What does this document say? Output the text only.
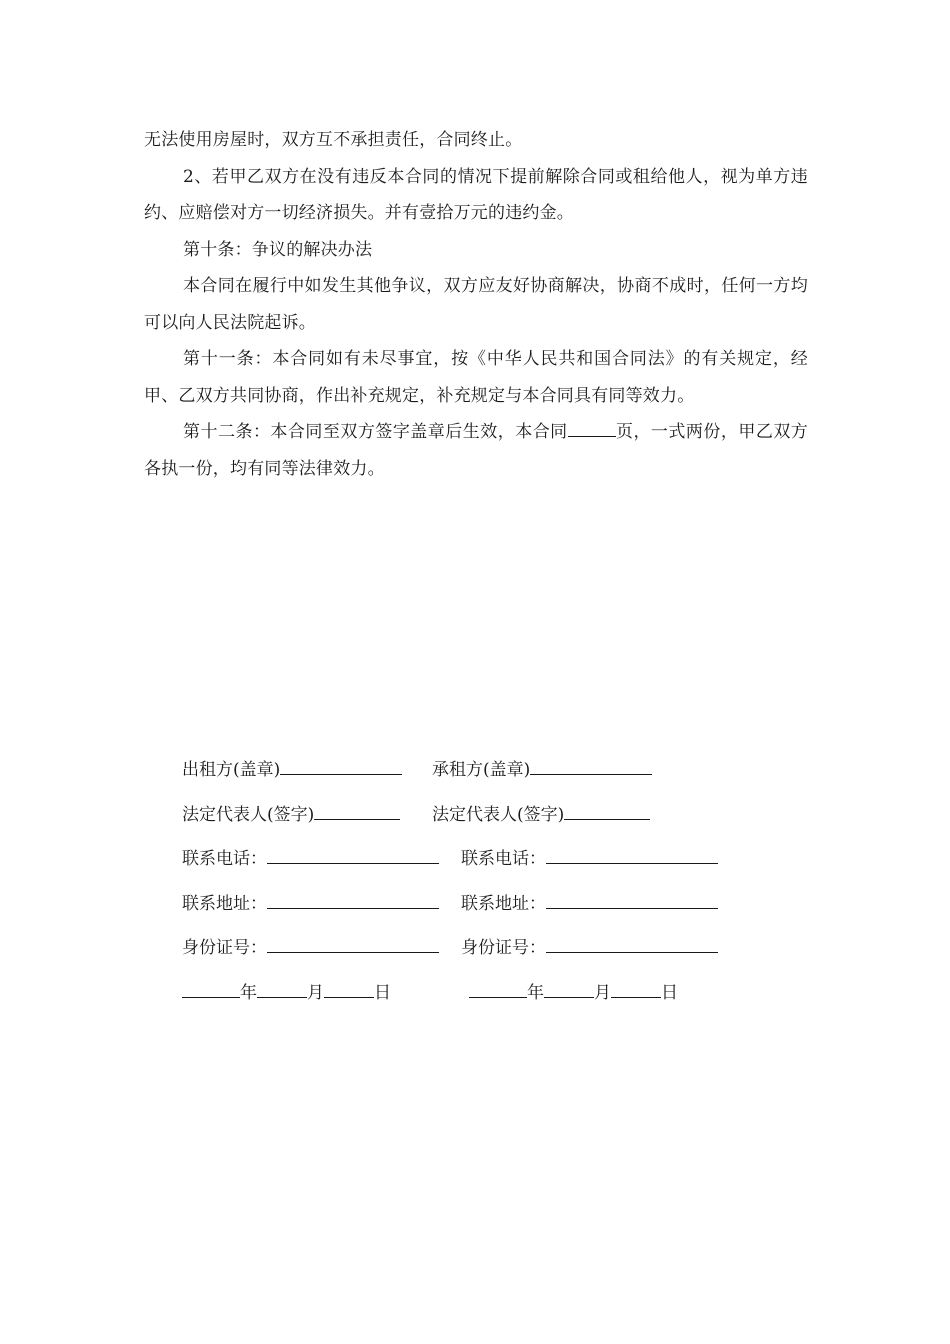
无法使用房屋时，双方互不承担责任，合同终止。

2、若甲乙双方在没有违反本合同的情况下提前解除合同或租给他人，视为单方违约、应赔偿对方一切经济损失。并有壹拾万元的违约金。

第十条：争议的解决办法

本合同在履行中如发生其他争议，双方应友好协商解决，协商不成时，任何一方均可以向人民法院起诉。

第十一条：本合同如有未尽事宜，按《中华人民共和国合同法》的有关规定，经甲、乙双方共同协商，作出补充规定，补充规定与本合同具有同等效力。

第十二条：本合同至双方签字盖章后生效，本合同	页，一式两份，甲乙双方各执一份，均有同等法律效力。

出租方(盖章)	承租方(盖章)
法定代表人(签字)	法定代表人(签字)
联系电话：	联系电话：
联系地址：	联系地址：
身份证号：	身份证号：
年	月	日	年	月	日
